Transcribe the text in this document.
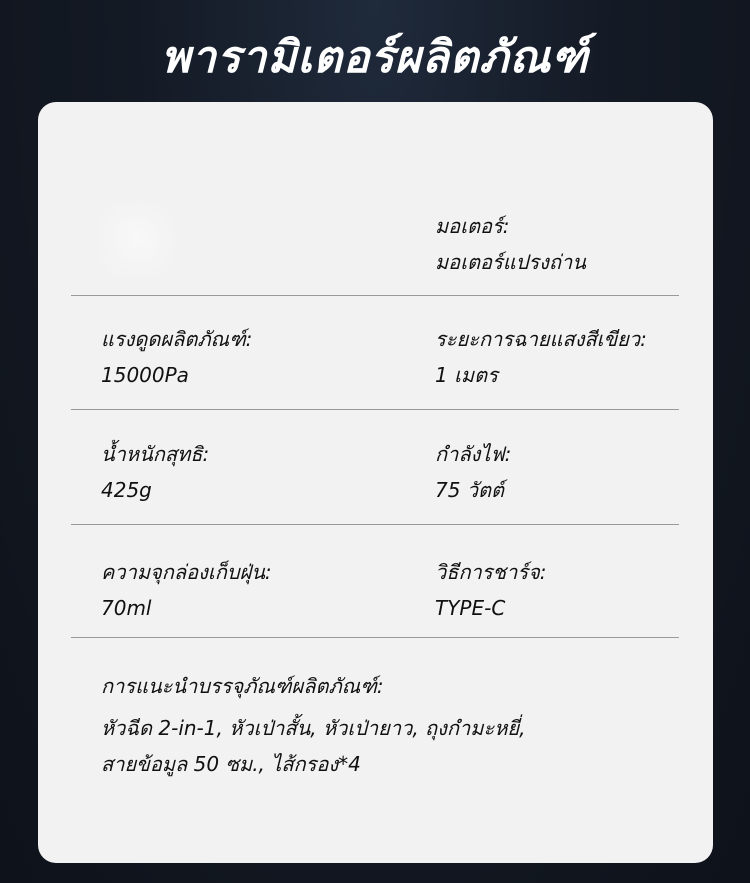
พารามิเตอร์ผลิตภัณฑ์
มอเตอร์:
มอเตอร์แปรงถ่าน
แรงดูดผลิตภัณฑ์:
15000Pa
ระยะการฉายแสงสีเขียว:
1 เมตร
น้ำหนักสุทธิ:
425g
กำลังไฟ:
75 วัตต์
ความจุกล่องเก็บฝุ่น:
70ml
วิธีการชาร์จ:
TYPE-C
การแนะนำบรรจุภัณฑ์ผลิตภัณฑ์:
หัวฉีด 2-in-1, หัวเป่าสั้น, หัวเป่ายาว, ถุงกำมะหยี่, สายข้อมูล 50 ซม., ไส้กรอง*4
